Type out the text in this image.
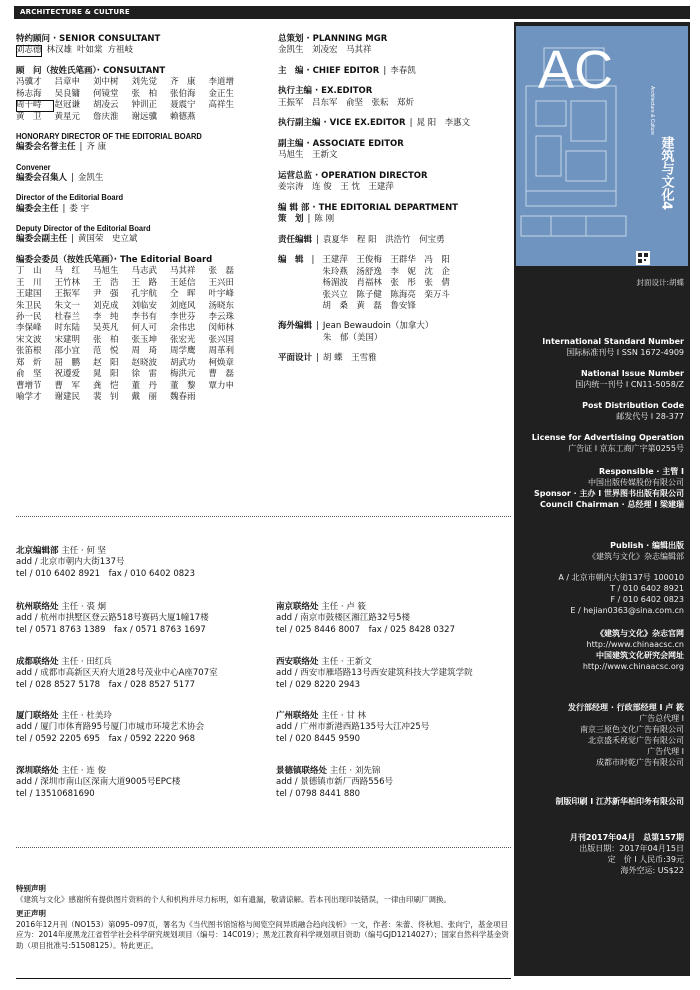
ARCHITECTURE & CULTURE
特约顾问 · SENIOR CONSULTANT
刘志德 林汉雄 叶如棠 方祖岐
顾　问（按姓氏笔画）· CONSULTANT
冯骥才	吕章申	刘中树	刘先觉	齐　康	李道增
杨志海	吴良镛	何镜堂	张　柏	张伯海	金正生
周干峙	赵冠谦	胡凌云	钟训正	聂震宁	高祥生
黄　卫	黄星元	詹庆淮	谢远骥	赖德燕
HONORARY DIRECTOR OF THE EDITORIAL BOARD
编委会名誉主任 | 齐 康
Convener
编委会召集人 | 金凯生
Director of the Editorial Board
编委会主任 | 娄 宇
Deputy Director of the Editorial Board
编委会副主任 | 黄国荣　史立斌
编委会委员（按姓氏笔画）· The Editorial Board
丁　山	马　红	马旭生	马志武	马其祥	张　磊
王　川	王竹林	王　浩	王　路	王延信	王兴田
王建国	王振军	尹　强	孔宇航	仝　晖	叶宇峰
朱卫民	朱文一	刘克成	刘临安	刘庭风	汤晓东
孙一民	杜春兰	李　纯	李书有	李世芬	李云珠
李保峰	时东陆	吴英凡	何人可	余伟忠	闵师林
宋文波	宋建明	张　柏	张玉坤	张宏光	张兴国
张笛根	邵小宜	范　悦	周　琦	周学鹰	周革利
郑　炘	屈　鹏	赵　阳	赵晓波	胡武功	柯焕章
俞　坚	祝遵爱	晁　阳	徐　雷	梅洪元	曹　磊
曹增节	曹　军	龚　恺	董　丹	董　黎	覃力申
喻学才	谢建民	裴　钊	戴　丽	魏春雨
总策划 · PLANNING MGR
金凯生　刘凌宏　马其祥
主　编 · CHIEF EDITOR | 李春凯
执行主编 · EX.EDITOR
王振军　吕东军　俞坚　张耘　郑炘
执行副主编 · VICE EX.EDITOR | 晁 阳　李惠文
副主编 · ASSOCIATE EDITOR
马旭生　王新文
运营总监 · OPERATION DIRECTOR
姜宗涛　连 俊　王 忱　王建萍
编 辑 部 · THE EDITORIAL DEPARTMENT
策　划 | 陈 刚
责任编辑 | 袁夏华　程 阳　洪浩竹　何宝勇
编　辑 | 王建萍　王俊梅　王群华　冯　阳
朱玲燕　汤舒逸　李　妮　沈　企
杨湄波　肖福林　张　彤　张　倩
张兴立　陈子健　陈海亮　栾万斗
胡　桑　黄　磊　鲁安锋
海外编辑 | Jean Bewaudoin（加拿大）
朱　郁（美国）
平面设计 | 胡 蝶　王雪雅
北京编辑部 主任 · 何 坚
add / 北京市朝内大街137号
tel / 010 6402 8921　fax / 010 6402 0823
杭州联络处 主任 · 裘 炯
add / 杭州市拱墅区登云路518号赛码大厦1幢17楼
tel / 0571 8763 1389　fax / 0571 8763 1697
南京联络处 主任 · 卢 筱
add / 南京市鼓楼区湘江路32号5楼
tel / 025 8446 8007　fax / 025 8428 0327
成都联络处 主任 · 田红兵
add / 成都市高新区天府大道28号茂业中心A座707室
tel / 028 8527 5178　fax / 028 8527 5177
西安联络处 主任 · 王新文
add / 西安市雁塔路13号西安建筑科技大学建筑学院
tel / 029 8220 2943
厦门联络处 主任 · 杜美玲
add / 厦门市体育路95号厦门市城市环境艺术协会
tel / 0592 2205 695　fax / 0592 2220 968
广州联络处 主任 · 甘 林
add / 广州市新港西路135号大江冲25号
tel / 020 8445 9590
深圳联络处 主任 · 连 俊
add / 深圳市南山区深南大道9005号EPC楼
tel / 13510681690
景德镇联络处 主任 · 刘先锦
add / 景德镇市新厂西路556号
tel / 0798 8441 880
特别声明
《建筑与文化》感谢所有提供图片资料的个人和机构并尽力标明，如有遗漏，敬请谅解。若本刊出现印装错误，一律由印刷厂调换。
更正声明
2016年12月刊（NO153）第095–097页，署名为《当代图书馆馆格与阅览空间异质融合趋向浅析》一文，作者：朱蕾、佟秋旭、张向宁，基金项目应为：2014年度黑龙江省哲学社会科学研究规划项目（编号：14C019）；黑龙江教育科学规划项目资助（编号GJD1214027）；国家自然科学基金资助（项目批准号:51508125）。特此更正。
AC
建筑与文化4
Architecture & Culture
封面设计:胡蝶
International Standard Number
国际标准刊号 I SSN 1672-4909
National Issue Number
国内统一刊号 I CN11-5058/Z
Post Distribution Code
邮发代号 I 28-377
License for Advertising Operation
广告证 I 京东工商广字第0255号
Responsible · 主管 I
中国出版传媒股份有限公司
Sponsor · 主办 I 世界图书出版有限公司
Council Chairman · 总经理 I 梁建瑞
Publish · 编辑出版
《建筑与文化》杂志编辑部
A / 北京市朝内大街137号 100010
T / 010 6402 8921
F / 010 6402 0823
E / hejian0363@sina.com.cn
《建筑与文化》杂志官网
http://www.chinaacsc.cn
中国建筑文化研究会网址
http://www.chinaacsc.org
发行部经理 · 行政部经理 I 卢 筱
广告总代理 I
南京三原色文化广告有限公司
北京盛禾视觉广告有限公司
广告代理 I
成都市时乾广告有限公司
制版印刷 I 江苏新华柏印务有限公司
月刊2017年04月　总第157期
出版日期：2017年04月15日
定　价 I 人民币:39元
海外空运: US$22
